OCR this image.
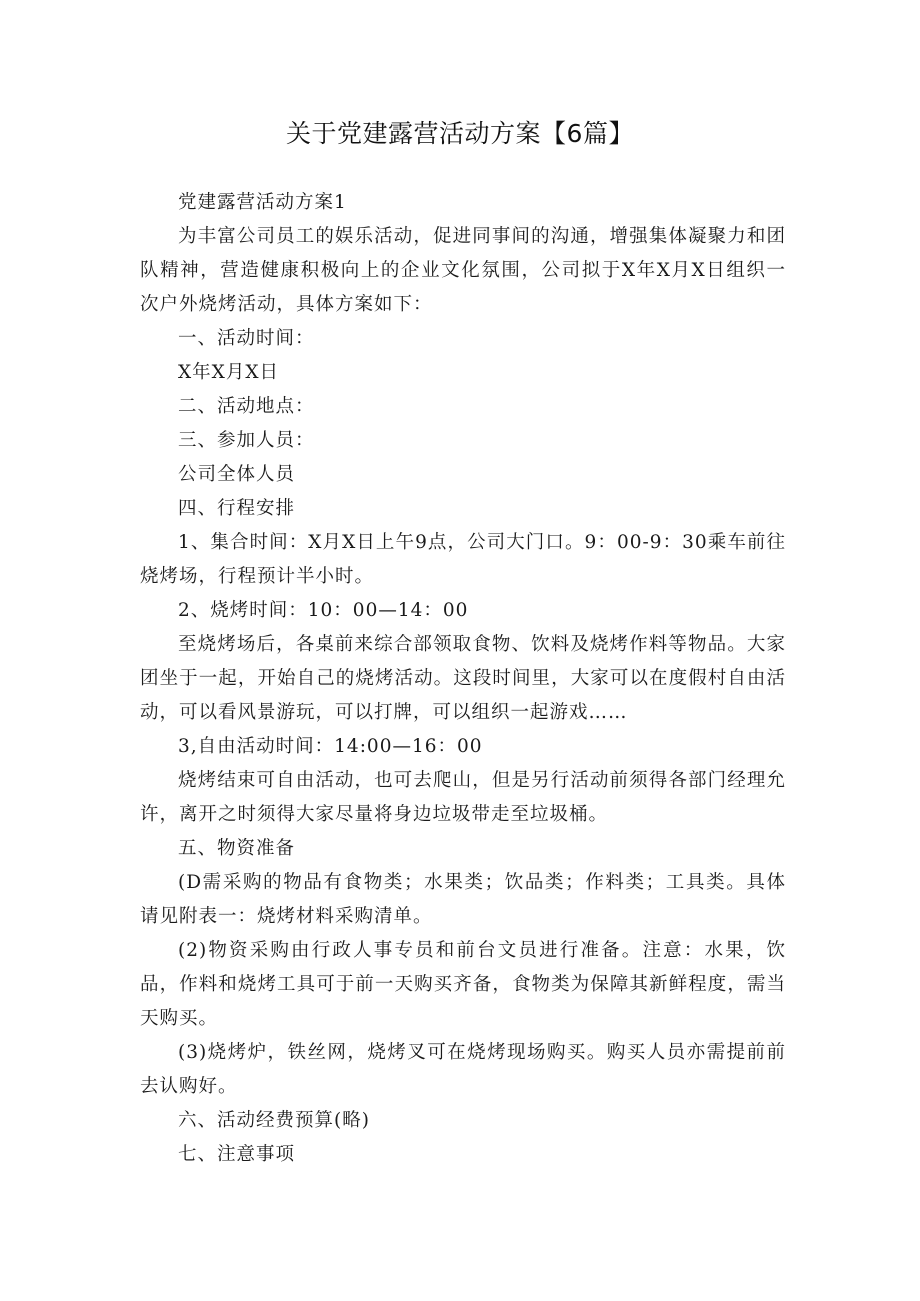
关于党建露营活动方案【6篇】

党建露营活动方案1

为丰富公司员工的娱乐活动，促进同事间的沟通，增强集体凝聚力和团队精神，营造健康积极向上的企业文化氛围，公司拟于X年X月X日组织一次户外烧烤活动，具体方案如下：

一、活动时间：

X年X月X日

二、活动地点：

三、参加人员：

公司全体人员

四、行程安排

1、集合时间：X月X日上午9点，公司大门口。9：00-9：30乘车前往烧烤场，行程预计半小时。

2、烧烤时间：10：00—14：00

至烧烤场后，各桌前来综合部领取食物、饮料及烧烤作料等物品。大家团坐于一起，开始自己的烧烤活动。这段时间里，大家可以在度假村自由活动，可以看风景游玩，可以打牌，可以组织一起游戏……

3,自由活动时间：14:00—16：00

烧烤结束可自由活动，也可去爬山，但是另行活动前须得各部门经理允许，离开之时须得大家尽量将身边垃圾带走至垃圾桶。

五、物资准备

(D需采购的物品有食物类；水果类；饮品类；作料类；工具类。具体请见附表一：烧烤材料采购清单。

(2)物资采购由行政人事专员和前台文员进行准备。注意：水果，饮品，作料和烧烤工具可于前一天购买齐备，食物类为保障其新鲜程度，需当天购买。

(3)烧烤炉，铁丝网，烧烤叉可在烧烤现场购买。购买人员亦需提前前去认购好。

六、活动经费预算(略)

七、注意事项
